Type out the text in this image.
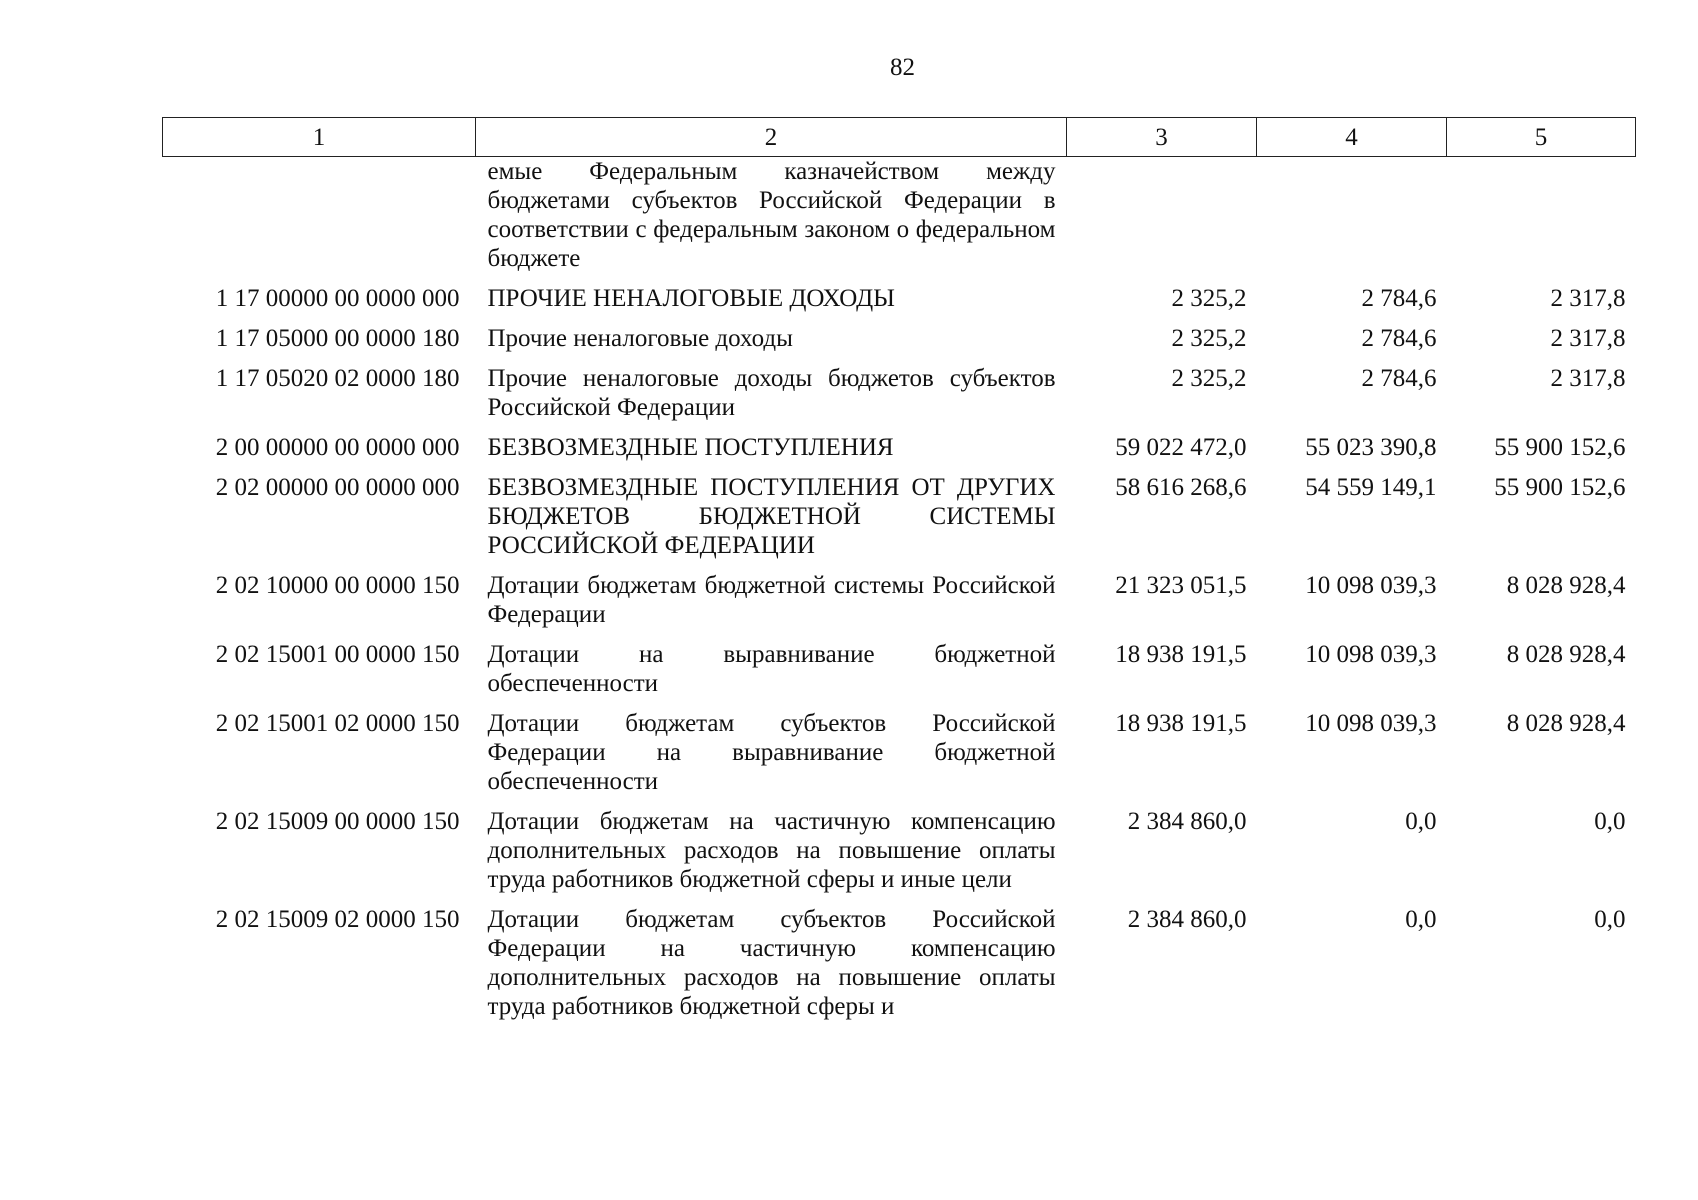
82
1	2	3	4	5
	емые Федеральным казначейством между бюджетами субъектов Российской Федерации в соответствии с федеральным законом о федеральном бюджете			
1 17 00000 00 0000 000	ПРОЧИЕ НЕНАЛОГОВЫЕ ДОХОДЫ	2 325,2	2 784,6	2 317,8
1 17 05000 00 0000 180	Прочие неналоговые доходы	2 325,2	2 784,6	2 317,8
1 17 05020 02 0000 180	Прочие неналоговые доходы бюджетов субъектов Российской Федерации	2 325,2	2 784,6	2 317,8
2 00 00000 00 0000 000	БЕЗВОЗМЕЗДНЫЕ ПОСТУПЛЕНИЯ	59 022 472,0	55 023 390,8	55 900 152,6
2 02 00000 00 0000 000	БЕЗВОЗМЕЗДНЫЕ ПОСТУПЛЕНИЯ ОТ ДРУГИХ БЮДЖЕТОВ БЮДЖЕТНОЙ СИСТЕМЫ РОССИЙСКОЙ ФЕДЕРАЦИИ	58 616 268,6	54 559 149,1	55 900 152,6
2 02 10000 00 0000 150	Дотации бюджетам бюджетной системы Российской Федерации	21 323 051,5	10 098 039,3	8 028 928,4
2 02 15001 00 0000 150	Дотации на выравнивание бюджетной обеспеченности	18 938 191,5	10 098 039,3	8 028 928,4
2 02 15001 02 0000 150	Дотации бюджетам субъектов Российской Федерации на выравнивание бюджетной обеспеченности	18 938 191,5	10 098 039,3	8 028 928,4
2 02 15009 00 0000 150	Дотации бюджетам на частичную компенсацию дополнительных расходов на повышение оплаты труда работников бюджетной сферы и иные цели	2 384 860,0	0,0	0,0
2 02 15009 02 0000 150	Дотации бюджетам субъектов Российской Федерации на частичную компенсацию дополнительных расходов на повышение оплаты труда работников бюджетной сферы и	2 384 860,0	0,0	0,0
